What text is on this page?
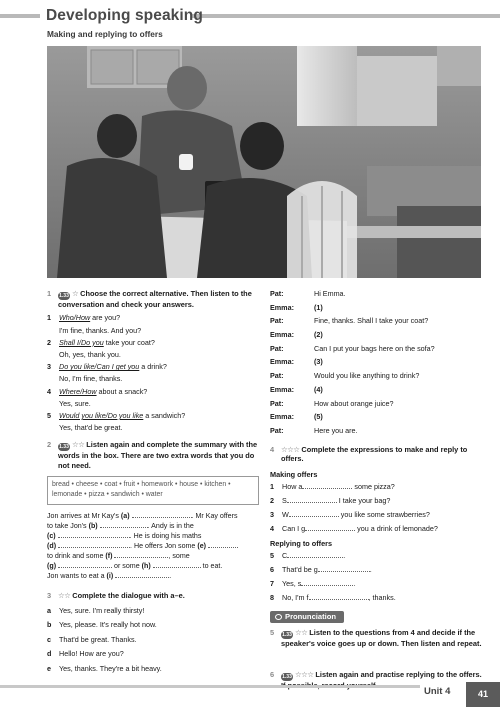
Developing speaking
Making and replying to offers
1 1.33 ☆ Choose the correct alternative. Then listen to the conversation and check your answers.
1 Who/How are you?
I'm fine, thanks. And you?
2 Shall I/Do you take your coat?
Oh, yes, thank you.
3 Do you like/Can I get you a drink?
No, I'm fine, thanks.
4 Where/How about a snack?
Yes, sure.
5 Would you like/Do you like a sandwich?
Yes, that'd be great.
2 1.33 ☆☆ Listen again and complete the summary with the words in the box. There are two extra words that you do not need.
bread • cheese • coat • fruit • homework • house • kitchen • lemonade • pizza • sandwich • water
Jon arrives at Mr Kay's (a)	. Mr Kay offers
to take Jon's (b)	. Andy is in the
(c)	. He is doing his maths
(d)	. He offers Jon some (e)
to drink and some (f)	, some
(g)	or some (h)	to eat.
Jon wants to eat a (i)	.
3 ☆☆ Complete the dialogue with a–e.
a Yes, sure. I'm really thirsty!
b Yes, please. It's really hot now.
c That'd be great. Thanks.
d Hello! How are you?
e Yes, thanks. They're a bit heavy.
Pat:	Hi Emma.
Emma:	(1)
Pat:	Fine, thanks. Shall I take your coat?
Emma:	(2)
Pat:	Can I put your bags here on the sofa?
Emma:	(3)
Pat:	Would you like anything to drink?
Emma:	(4)
Pat:	How about orange juice?
Emma:	(5)
Pat:	Here you are.
4 ☆☆☆ Complete the expressions to make and reply to offers.
Making offers
1 How a	some pizza?
2 S	I take your bag?
3 W	you like some strawberries?
4 Can I g	you a drink of lemonade?
Replying to offers
5 C	.
6 That'd be g	.
7 Yes, s	.
8 No, I'm f	, thanks.
Pronunciation
5 1.33 ☆☆ Listen to the questions from 4 and decide if the speaker's voice goes up or down. Then listen and repeat.
6 1.33 ☆☆☆ Listen again and practise replying to the offers.
Unit 4	41
